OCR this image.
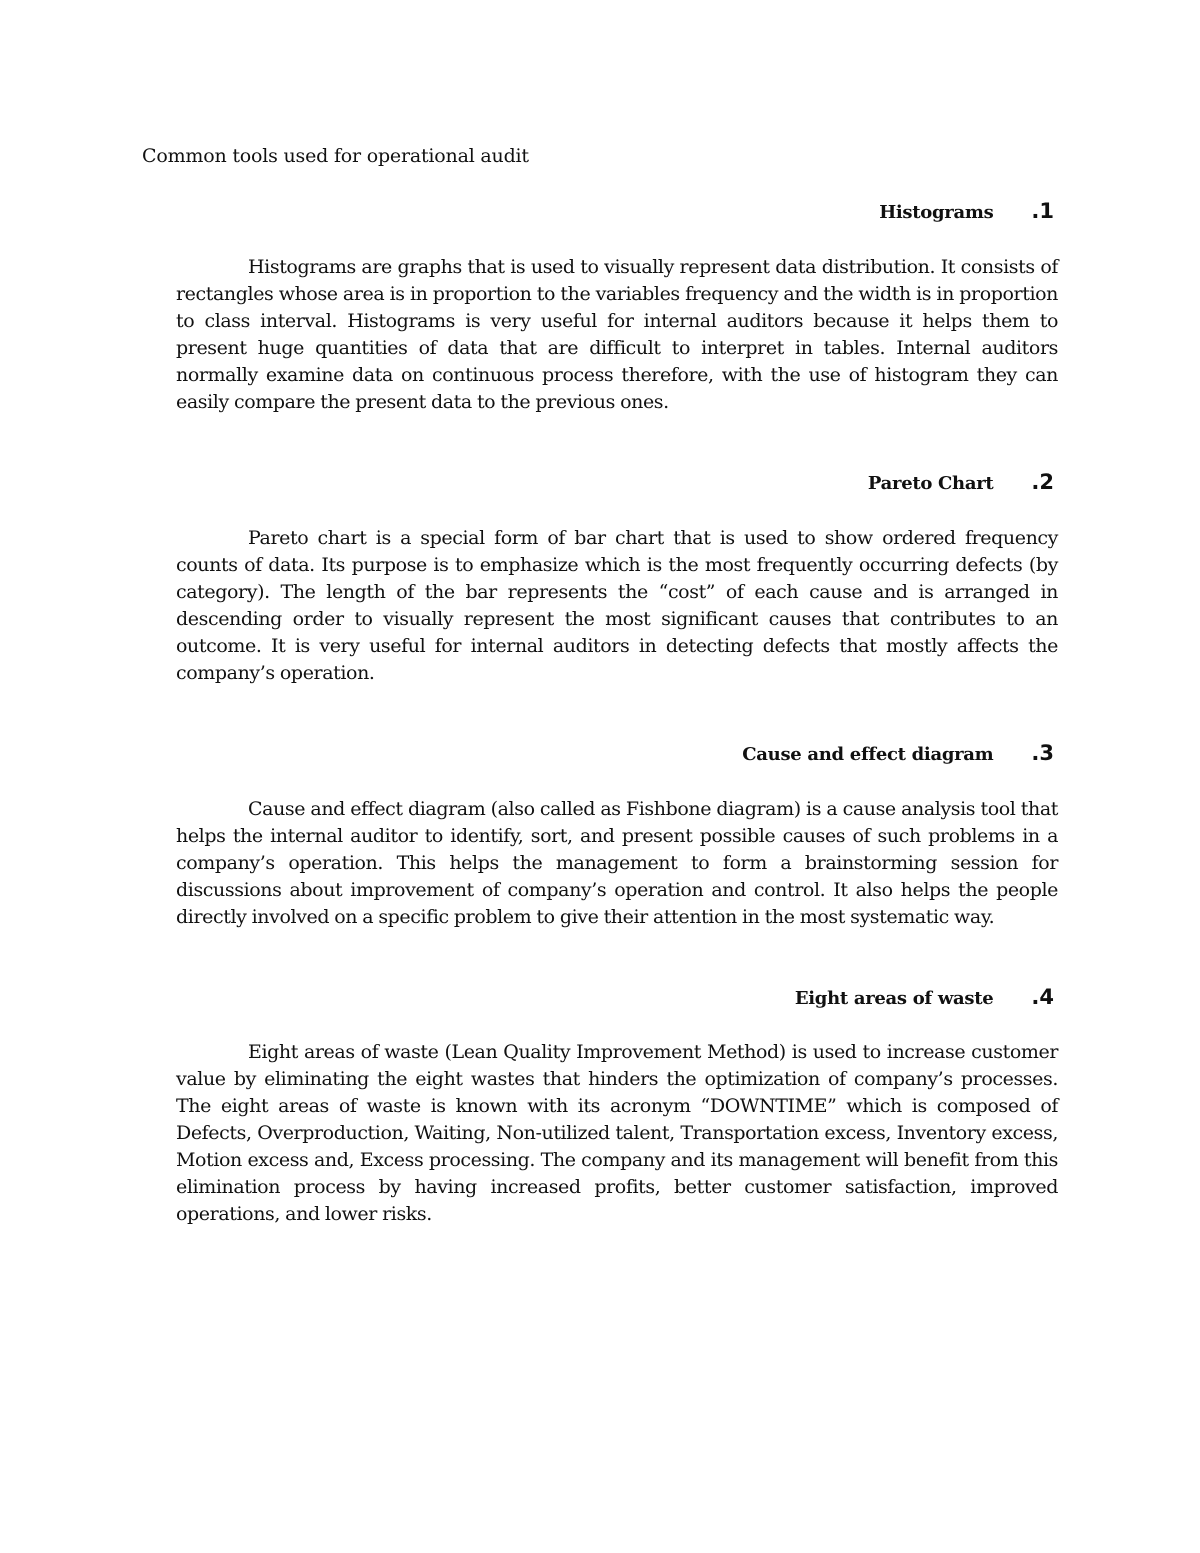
Common tools used for operational audit

Histograms .1

Histograms are graphs that is used to visually represent data distribution. It consists of rectangles whose area is in proportion to the variables frequency and the width is in proportion to class interval. Histograms is very useful for internal auditors because it helps them to present huge quantities of data that are difficult to interpret in tables. Internal auditors normally examine data on continuous process therefore, with the use of histogram they can easily compare the present data to the previous ones.

Pareto Chart .2

Pareto chart is a special form of bar chart that is used to show ordered frequency counts of data. Its purpose is to emphasize which is the most frequently occurring defects (by category). The length of the bar represents the “cost” of each cause and is arranged in descending order to visually represent the most significant causes that contributes to an outcome. It is very useful for internal auditors in detecting defects that mostly affects the company’s operation.

Cause and effect diagram .3

Cause and effect diagram (also called as Fishbone diagram) is a cause analysis tool that helps the internal auditor to identify, sort, and present possible causes of such problems in a company’s operation. This helps the management to form a brainstorming session for discussions about improvement of company’s operation and control. It also helps the people directly involved on a specific problem to give their attention in the most systematic way.

Eight areas of waste .4

Eight areas of waste (Lean Quality Improvement Method) is used to increase customer value by eliminating the eight wastes that hinders the optimization of company’s processes. The eight areas of waste is known with its acronym “DOWNTIME” which is composed of Defects, Overproduction, Waiting, Non-utilized talent, Transportation excess, Inventory excess, Motion excess and, Excess processing. The company and its management will benefit from this elimination process by having increased profits, better customer satisfaction, improved operations, and lower risks.
